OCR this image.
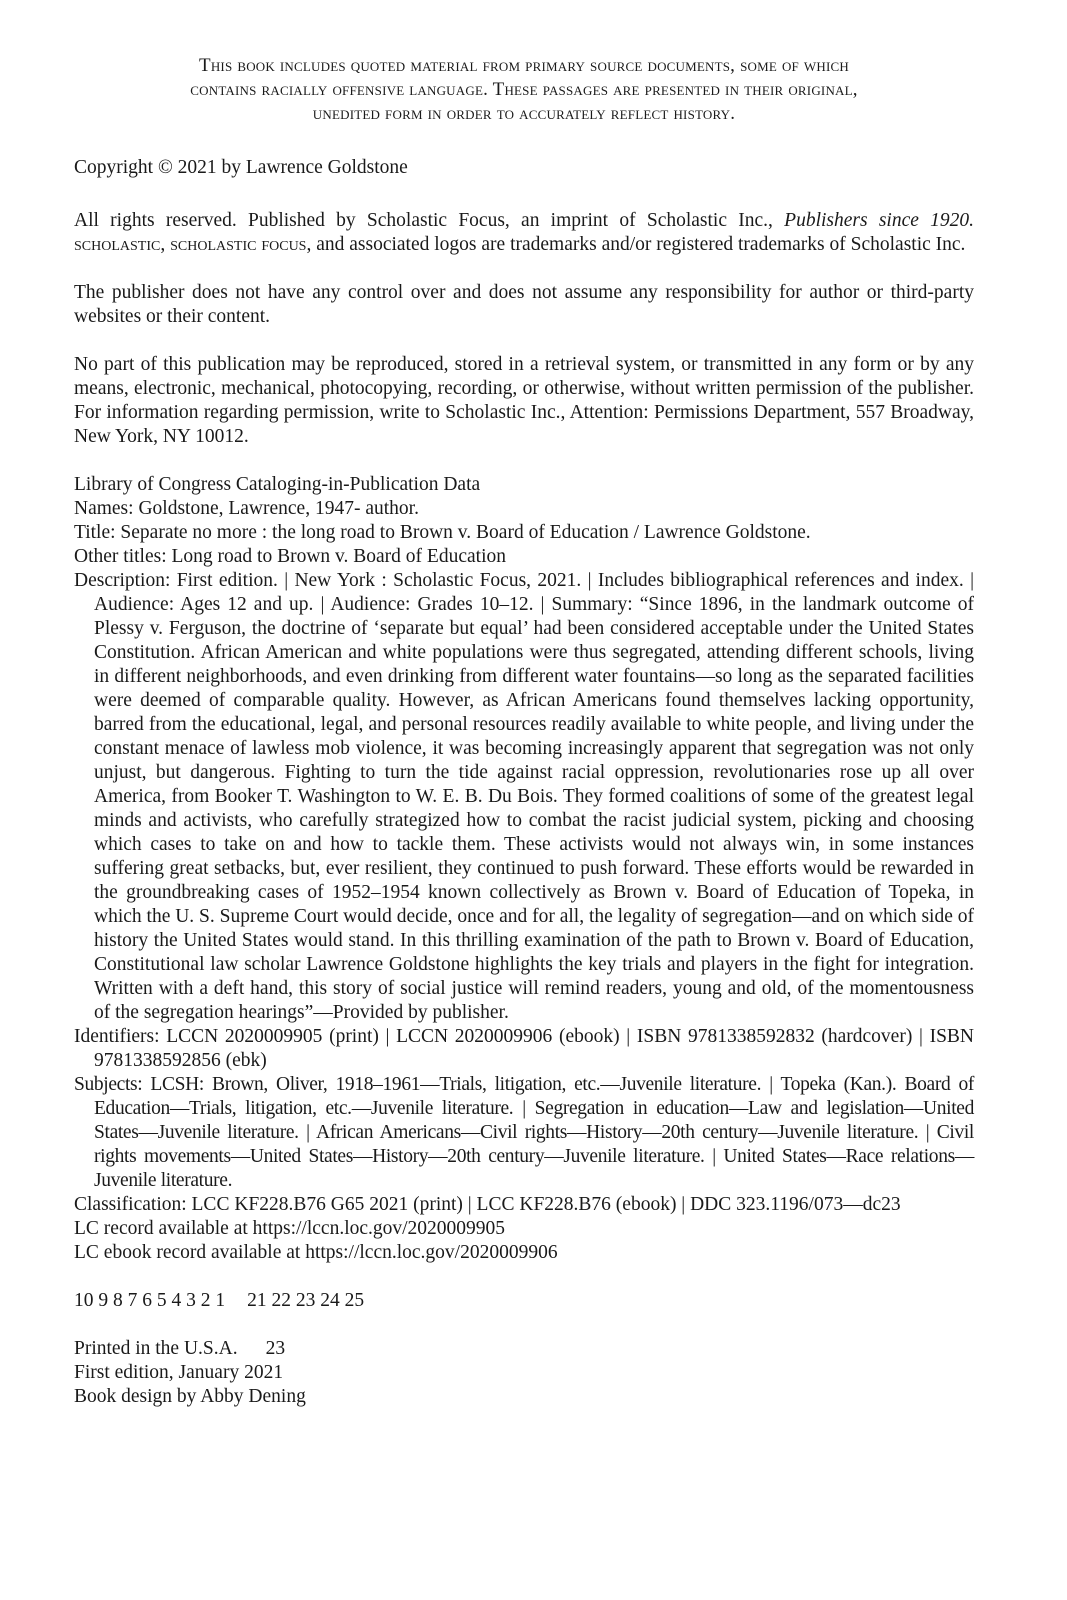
This book includes quoted material from primary source documents, some of which
contains racially offensive language. These passages are presented in their original,
unedited form in order to accurately reflect history.

Copyright © 2021 by Lawrence Goldstone

All rights reserved. Published by Scholastic Focus, an imprint of Scholastic Inc., Publishers since 1920. scholastic, scholastic focus, and associated logos are trademarks and/or registered trademarks of Scholastic Inc.

The publisher does not have any control over and does not assume any responsibility for author or third-party websites or their content.

No part of this publication may be reproduced, stored in a retrieval system, or transmitted in any form or by any means, electronic, mechanical, photocopying, recording, or otherwise, without written permission of the publisher. For information regarding permission, write to Scholastic Inc., Attention: Permissions Department, 557 Broadway, New York, NY 10012.

Library of Congress Cataloging-in-Publication Data

Names: Goldstone, Lawrence, 1947- author.

Title: Separate no more : the long road to Brown v. Board of Education / Lawrence Goldstone.

Other titles: Long road to Brown v. Board of Education

Description: First edition. | New York : Scholastic Focus, 2021. | Includes bibliographical references and index. | Audience: Ages 12 and up. | Audience: Grades 10–12. | Summary: “Since 1896, in the landmark outcome of Plessy v. Ferguson, the doctrine of ‘separate but equal’ had been considered acceptable under the United States Constitution. African American and white populations were thus segregated, attending different schools, living in different neighborhoods, and even drinking from different water fountains—so long as the separated facilities were deemed of comparable quality. However, as African Americans found themselves lacking opportunity, barred from the educational, legal, and personal resources readily available to white people, and living under the constant menace of lawless mob violence, it was becoming increasingly apparent that segregation was not only unjust, but dangerous. Fighting to turn the tide against racial oppression, revolutionaries rose up all over America, from Booker T. Washington to W. E. B. Du Bois. They formed coalitions of some of the greatest legal minds and activists, who carefully strategized how to combat the racist judicial system, picking and choosing which cases to take on and how to tackle them. These activists would not always win, in some instances suffering great setbacks, but, ever resilient, they continued to push forward. These efforts would be rewarded in the groundbreaking cases of 1952–1954 known collectively as Brown v. Board of Education of Topeka, in which the U. S. Supreme Court would decide, once and for all, the legality of segregation—and on which side of history the United States would stand. In this thrilling examination of the path to Brown v. Board of Education, Constitutional law scholar Lawrence Goldstone highlights the key trials and players in the fight for integration. Written with a deft hand, this story of social justice will remind readers, young and old, of the momentousness of the segregation hearings”—Provided by publisher.

Identifiers: LCCN 2020009905 (print) | LCCN 2020009906 (ebook) | ISBN 9781338592832 (hardcover) | ISBN 9781338592856 (ebk)

Subjects: LCSH: Brown, Oliver, 1918–1961—Trials, litigation, etc.—Juvenile literature. | Topeka (Kan.). Board of Education—Trials, litigation, etc.—Juvenile literature. | Segregation in education—Law and legislation—United States—Juvenile literature. | African Americans—Civil rights—History—20th century—Juvenile literature. | Civil rights movements—United States—History—20th century—Juvenile literature. | United States—Race relations—Juvenile literature.

Classification: LCC KF228.B76 G65 2021 (print) | LCC KF228.B76 (ebook) | DDC 323.1196/073—dc23

LC record available at https://lccn.loc.gov/2020009905

LC ebook record available at https://lccn.loc.gov/2020009906

10 9 8 7 6 5 4 3 2 1 21 22 23 24 25

Printed in the U.S.A. 23

First edition, January 2021

Book design by Abby Dening
